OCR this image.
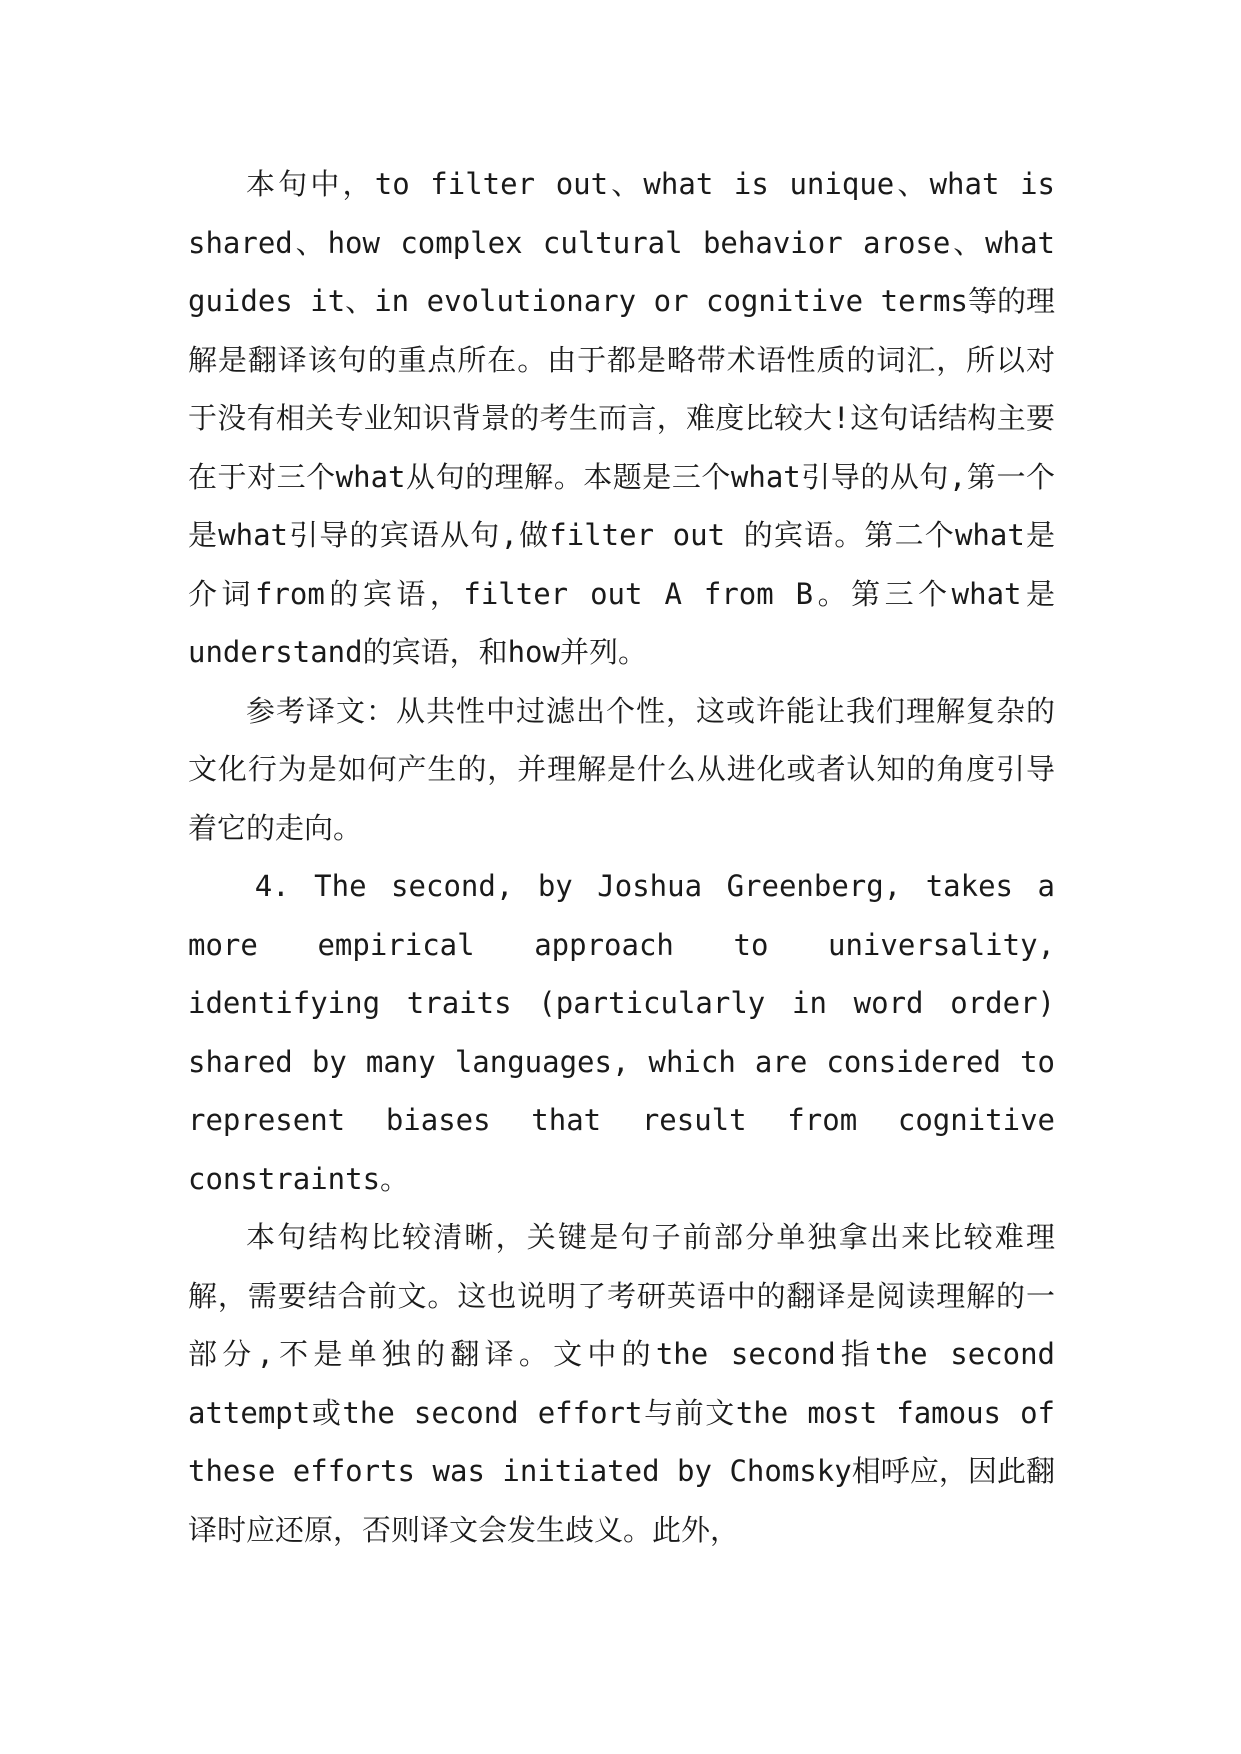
本句中，to filter out、what is unique、what is shared、how complex cultural behavior arose、what guides it、in evolutionary or cognitive terms等的理解是翻译该句的重点所在。由于都是略带术语性质的词汇，所以对于没有相关专业知识背景的考生而言，难度比较大!这句话结构主要在于对三个what从句的理解。本题是三个what引导的从句,第一个是what引导的宾语从句,做filter out 的宾语。第二个what是介词from的宾语，filter out A from B。第三个what是understand的宾语，和how并列。

参考译文：从共性中过滤出个性，这或许能让我们理解复杂的文化行为是如何产生的，并理解是什么从进化或者认知的角度引导着它的走向。

4. The second, by Joshua Greenberg, takes a more empirical approach to universality, identifying traits (particularly in word order) shared by many languages, which are considered to represent biases that result from cognitive constraints。

本句结构比较清晰，关键是句子前部分单独拿出来比较难理解，需要结合前文。这也说明了考研英语中的翻译是阅读理解的一部分,不是单独的翻译。文中的the second指the second attempt或the second effort与前文the most famous of these efforts was initiated by Chomsky相呼应，因此翻译时应还原，否则译文会发生歧义。此外，
